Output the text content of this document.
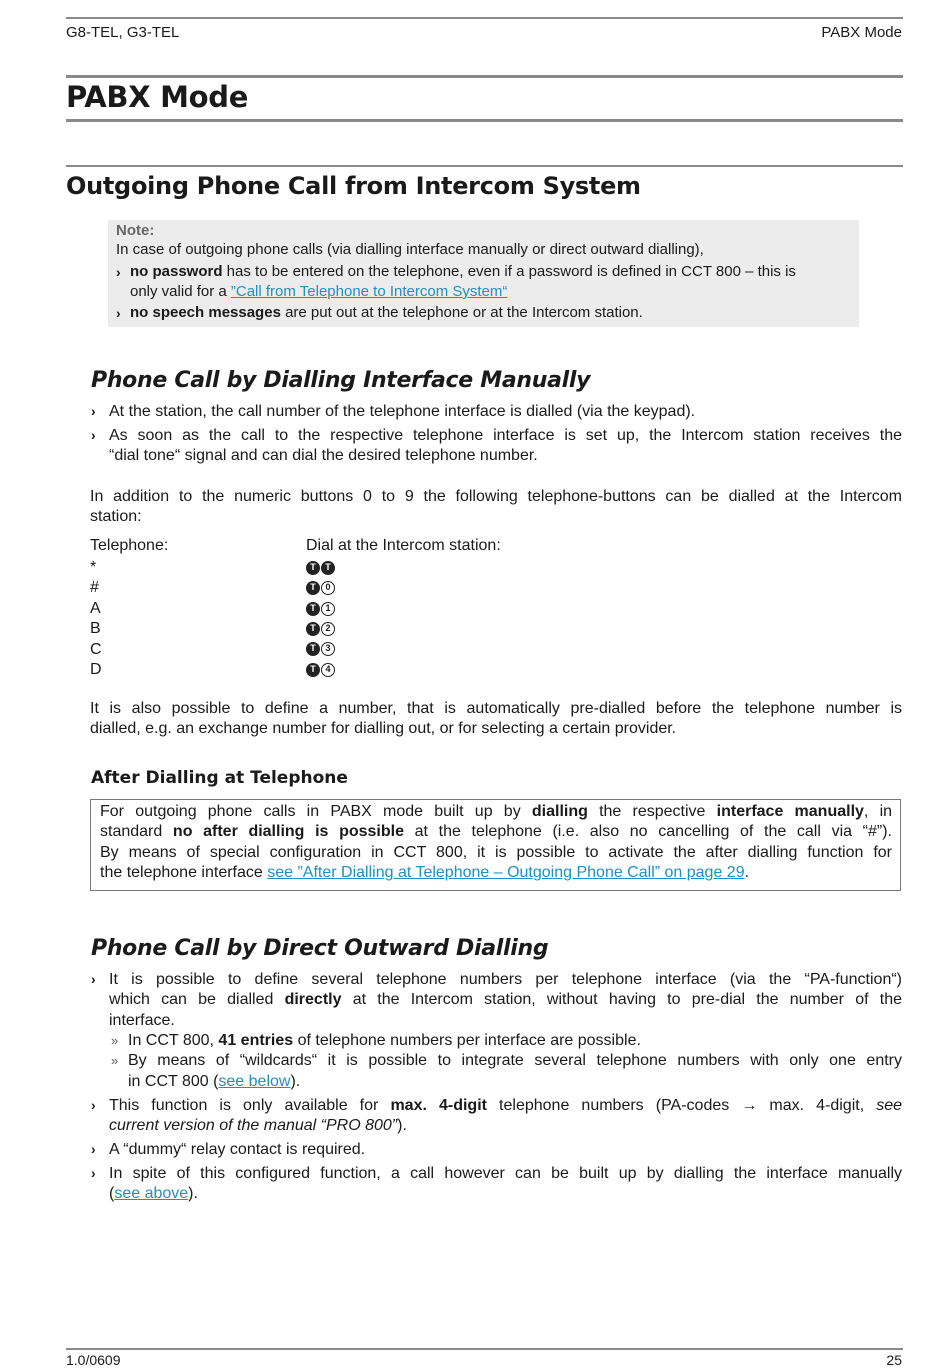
G8-TEL, G3-TEL	PABX Mode
PABX Mode
Outgoing Phone Call from Intercom System
Note:
In case of outgoing phone calls (via dialling interface manually or direct outward dialling),
› no password has to be entered on the telephone, even if a password is defined in CCT 800 – this is
only valid for a ”Call from Telephone to Intercom System“
› no speech messages are put out at the telephone or at the Intercom station.
Phone Call by Dialling Interface Manually
› At the station, the call number of the telephone interface is dialled (via the keypad).
› As soon as the call to the respective telephone interface is set up, the Intercom station receives the
“dial tone“ signal and can dial the desired telephone number.
In addition to the numeric buttons 0 to 9 the following telephone-buttons can be dialled at the Intercom
station:
Telephone:	Dial at the Intercom station:
*	T T
#	T 0
A	T 1
B	T 2
C	T 3
D	T 4
It is also possible to define a number, that is automatically pre-dialled before the telephone number is
dialled, e.g. an exchange number for dialling out, or for selecting a certain provider.
After Dialling at Telephone
For outgoing phone calls in PABX mode built up by dialling the respective interface manually, in
standard no after dialling is possible at the telephone (i.e. also no cancelling of the call via “#”).
By means of special configuration in CCT 800, it is possible to activate the after dialling function for
the telephone interface see ”After Dialling at Telephone – Outgoing Phone Call” on page 29.
Phone Call by Direct Outward Dialling
› It is possible to define several telephone numbers per telephone interface (via the “PA-function“)
which can be dialled directly at the Intercom station, without having to pre-dial the number of the
interface.
» In CCT 800, 41 entries of telephone numbers per interface are possible.
» By means of “wildcards“ it is possible to integrate several telephone numbers with only one entry
in CCT 800 (see below).
› This function is only available for max. 4-digit telephone numbers (PA-codes → max. 4-digit, see
current version of the manual “PRO 800”).
› A “dummy“ relay contact is required.
› In spite of this configured function, a call however can be built up by dialling the interface manually
(see above).
1.0/0609	25
